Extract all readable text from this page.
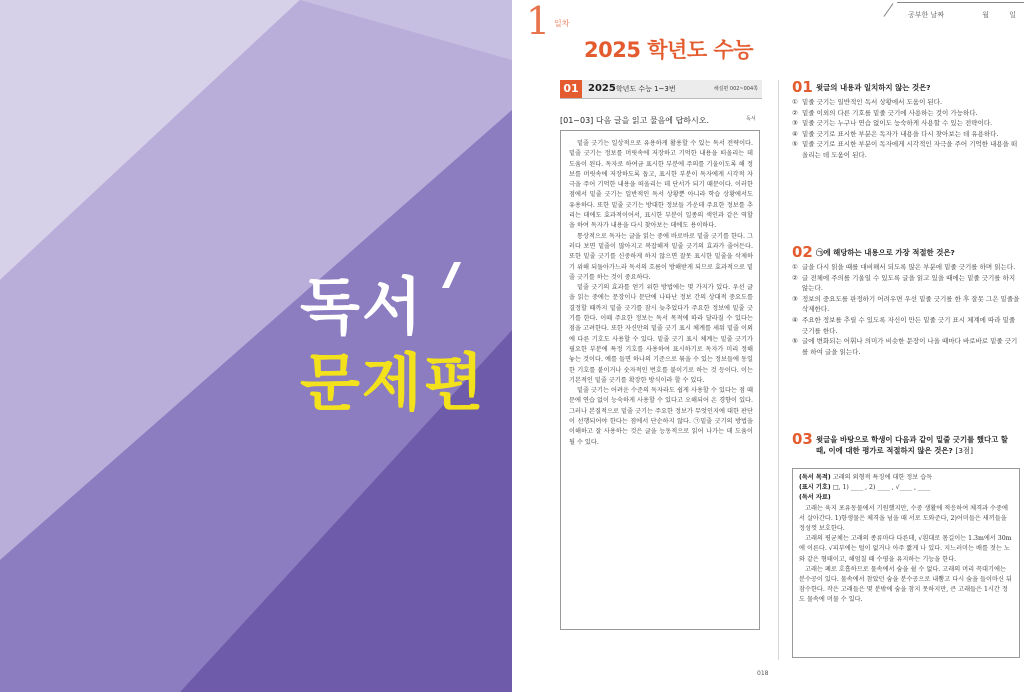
독서
문제편
1 일차
2025 학년도 수능
공부한 날짜	월	일
01 2025학년도 수능 1~3번	해설편 002~004쪽
[01~03] 다음 글을 읽고 물음에 답하시오.	독서

밑줄 긋기는 일상적으로 유용하게 활용할 수 있는 독서 전략이다. 밑줄 긋기는 정보를 머릿속에 저장하고 기억한 내용을 떠올리는 데 도움이 된다. 독자로 하여금 표시한 부분에 주의를 기울이도록 해 정보를 머릿속에 저장하도록 돕고, 표시한 부분이 독자에게 시각적 자극을 주어 기억한 내용을 떠올리는 데 단서가 되기 때문이다. 이러한 점에서 밑줄 긋기는 일반적인 독서 상황뿐 아니라 학습 상황에서도 유용하다. 또한 밑줄 긋기는 방대한 정보들 가운데 주요한 정보를 추리는 데에도 효과적이어서, 표시한 부분이 일종의 색인과 같은 역할을 하여 독자가 내용을 다시 찾아보는 데에도 용이하다.

통상적으로 독자는 글을 읽는 중에 바로바로 밑줄 긋기를 한다. 그러다 보면 밑줄이 많아지고 복잡해져 밑줄 긋기의 효과가 줄어든다. 또한 밑줄 긋기를 신중하게 하지 않으면 잘못 표시한 밑줄을 삭제하기 위해 되돌아가느라 독서의 흐름이 방해받게 되므로 효과적으로 밑줄 긋기를 하는 것이 중요하다.

밑줄 긋기의 효과를 얻기 위한 방법에는 몇 가지가 있다. 우선 글을 읽는 중에는 문장이나 문단에 나타난 정보 간의 상대적 중요도를 결정할 때까지 밑줄 긋기를 잠시 늦추었다가 주요한 정보에 밑줄 긋기를 한다. 이때 주요한 정보는 독서 목적에 따라 달라질 수 있다는 점을 고려한다. 또한 자신만의 밑줄 긋기 표시 체계를 세워 밑줄 이외에 다른 기호도 사용할 수 있다. 밑줄 긋기 표시 체계는 밑줄 긋기가 필요한 부분에 특정 기호를 사용하여 표시하기로 독자가 미리 정해 놓는 것이다. 예를 들면 하나의 기준으로 묶을 수 있는 정보들에 동일한 기호를 붙이거나 숫자적인 번호를 붙이기로 하는 것 등이다. 이는 기본적인 밑줄 긋기를 확장한 방식이라 할 수 있다.

밑줄 긋기는 어려운 수준의 독자라도 쉽게 사용할 수 있다는 점 때문에 연습 없이 능숙하게 사용할 수 있다고 오해되어 온 경향이 있다. 그러나 본질적으로 밑줄 긋기는 주요한 정보가 무엇인지에 대한 판단이 선행되어야 한다는 점에서 단순하지 않다. ㉠밑줄 긋기의 방법을 이해하고 잘 사용하는 것은 글을 능동적으로 읽어 나가는 데 도움이 될 수 있다.

018
01 윗글의 내용과 일치하지 않는 것은?
① 밑줄 긋기는 일반적인 독서 상황에서 도움이 된다.
② 밑줄 이외의 다른 기호를 밑줄 긋기에 사용하는 것이 가능하다.
③ 밑줄 긋기는 누구나 연습 없이도 능숙하게 사용할 수 있는 전략이다.
④ 밑줄 긋기로 표시한 부분은 독자가 내용을 다시 찾아보는 데 유용하다.
⑤ 밑줄 긋기로 표시한 부분이 독자에게 시각적인 자극을 주어 기억한 내용을 떠올리는 데 도움이 된다.
02 ㉠에 해당하는 내용으로 가장 적절한 것은?
① 글을 다시 읽을 때를 대비해서 되도록 많은 부분에 밑줄 긋기를 하며 읽는다.
② 글 전체에 주의를 기울일 수 있도록 글을 읽고 있을 때에는 밑줄 긋기를 하지 않는다.
③ 정보의 중요도를 판정하기 어려우면 우선 밑줄 긋기를 한 후 잘못 그은 밑줄을 삭제한다.
④ 주요한 정보를 추릴 수 있도록 자신이 만든 밑줄 긋기 표시 체계에 따라 밑줄 긋기를 한다.
⑤ 글에 변화되는 어휘나 의미가 비슷한 문장이 나올 때마다 바로바로 밑줄 긋기를 하여 글을 읽는다.
03 윗글을 바탕으로 학생이 다음과 같이 밑줄 긋기를 했다고 할 때, 이에 대한 평가로 적절하지 않은 것은? [3점]
(독서 목적) 고래의 외형적 특징에 대한 정보 습득
(표시 기호) □, 1) ____ , 2) ____ , √____ , ____
(독서 자료)

고래는 육지 포유동물에서 기원했지만, 수중 생활에 적응하여 체격과 수중에서 살아간다. 1)항생물은 체격을 넘을 때 서로 도와준다, 2)어미들은 새끼들을 정성껏 보호한다.

고래의 평균체는 고래의 종류마다 다른데, √흰대로 몸길이는 1.3m에서 30m에 이른다. √피부에는 털이 없거나 아주 짧게 나 있다. 지느러미는 배를 젓는 노와 같은 형태이고, 해엄칠 때 수평을 유지하는 기능을 한다.

고래는 폐로 호흡하므로 물속에서 숨을 쉴 수 없다. 고래의 머리 꼭대기에는 분수공이 있다. 물속에서 참았던 숨을 분수공으로 내뿜고 다시 숨을 들이마신 뒤 잠수한다. 작은 고래들은 몇 분밖에 숨을 참지 못하지만, 큰 고래들은 1시간 정도 물속에 머물 수 있다.
